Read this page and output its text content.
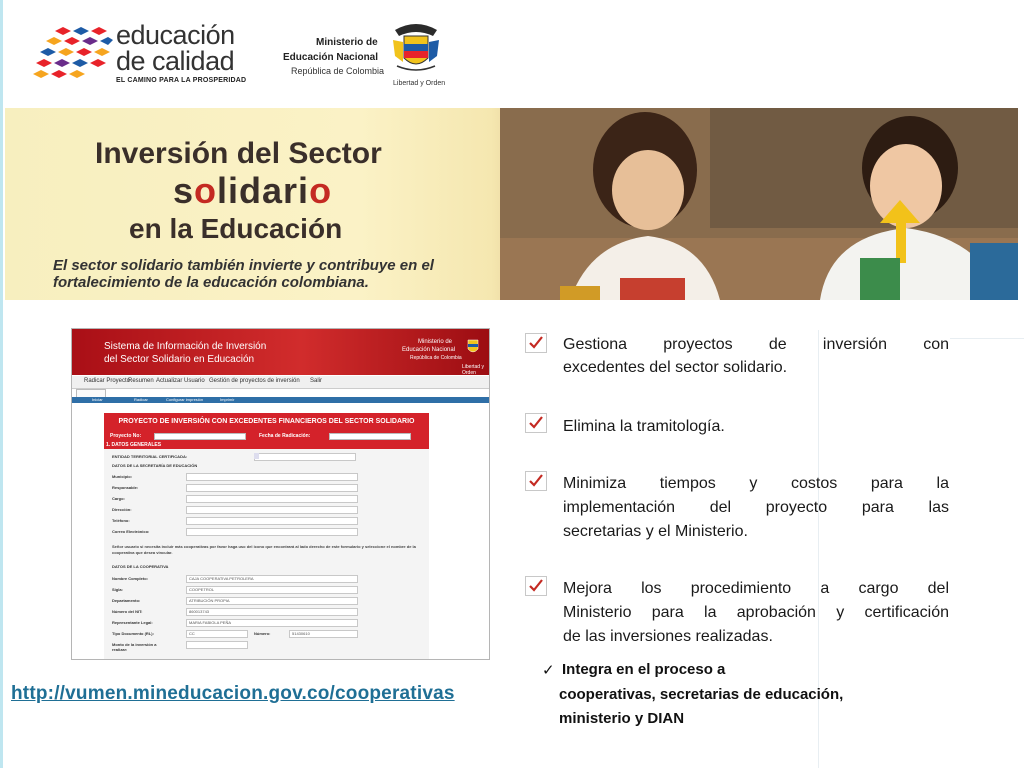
educación
de calidad
EL CAMINO PARA LA PROSPERIDAD
Ministerio de
Educación Nacional
República de Colombia
Libertad y Orden
Inversión del Sector
solidario
en la Educación
El sector solidario también invierte y contribuye en el
fortalecimiento de la educación colombiana.
Sistema de Información de Inversión
del Sector Solidario en Educación
Ministerio de
Educación Nacional
República de Colombia
Libertad y Orden
Radicar Proyecto
Resumen Actualizar Usuario Gestión de proyectos de inversión Salir
Iniciar	Radicar	Configurar impresión	Imprimir
PROYECTO DE INVERSIÓN CON EXCEDENTES FINANCIEROS DEL SECTOR SOLIDARIO
Proyecto No:	Fecha de Radicación:
1. DATOS GENERALES
ENTIDAD TERRITORIAL CERTIFICADA:
DATOS DE LA SECRETARÍA DE EDUCACIÓN
Municipio:
Responsable:
Cargo:
Dirección:
Teléfono:
Correo Electrónico:
Señor usuario si necesita incluir más cooperativas por favor haga uso del icono que encontrará al lado derecho de este formulario y seleccione el nombre de la cooperativa que desea vincular.
DATOS DE LA COOPERATIVA
Nombre Completo:	CAJA COOPERATIVA PETROLERA
Sigla:	COOPETROL
Departamento:	ATRIBUCIÓN PROPIA
Número del NIT:	860013743
Representante Legal:	MARIA FABIOLA PEÑA
Tipo Documento (RL):	CC	Número:	51430610
Monto de la inversión a realizar:
Gestiona proyectos de inversión con
excedentes del sector solidario.
Elimina la tramitología.
Minimiza tiempos y costos para la
implementación del proyecto para las
secretarias y el Ministerio.
Mejora los procedimiento a cargo del
Ministerio para la aprobación y certificación
de las inversiones realizadas.
✓ Integra en el proceso a
cooperativas, secretarias de educación,
ministerio y DIAN
http://vumen.mineducacion.gov.co/cooperativas
